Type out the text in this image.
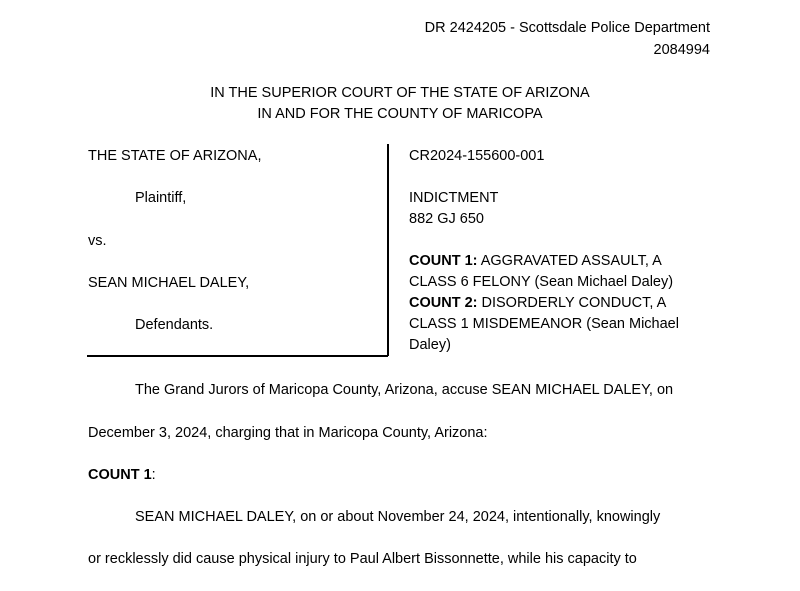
DR 2424205 - Scottsdale Police Department
2084994
IN THE SUPERIOR COURT OF THE STATE OF ARIZONA
IN AND FOR THE COUNTY OF MARICOPA
THE STATE OF ARIZONA,
Plaintiff,
vs.
SEAN MICHAEL DALEY,
Defendants.
CR2024-155600-001
INDICTMENT
882 GJ 650
COUNT 1: AGGRAVATED ASSAULT, A
CLASS 6 FELONY (Sean Michael Daley)
COUNT 2: DISORDERLY CONDUCT, A
CLASS 1 MISDEMEANOR (Sean Michael
Daley)
The Grand Jurors of Maricopa County, Arizona, accuse SEAN MICHAEL DALEY, on
December 3, 2024, charging that in Maricopa County, Arizona:
COUNT 1:
SEAN MICHAEL DALEY, on or about November 24, 2024, intentionally, knowingly
or recklessly did cause physical injury to Paul Albert Bissonnette, while his capacity to
